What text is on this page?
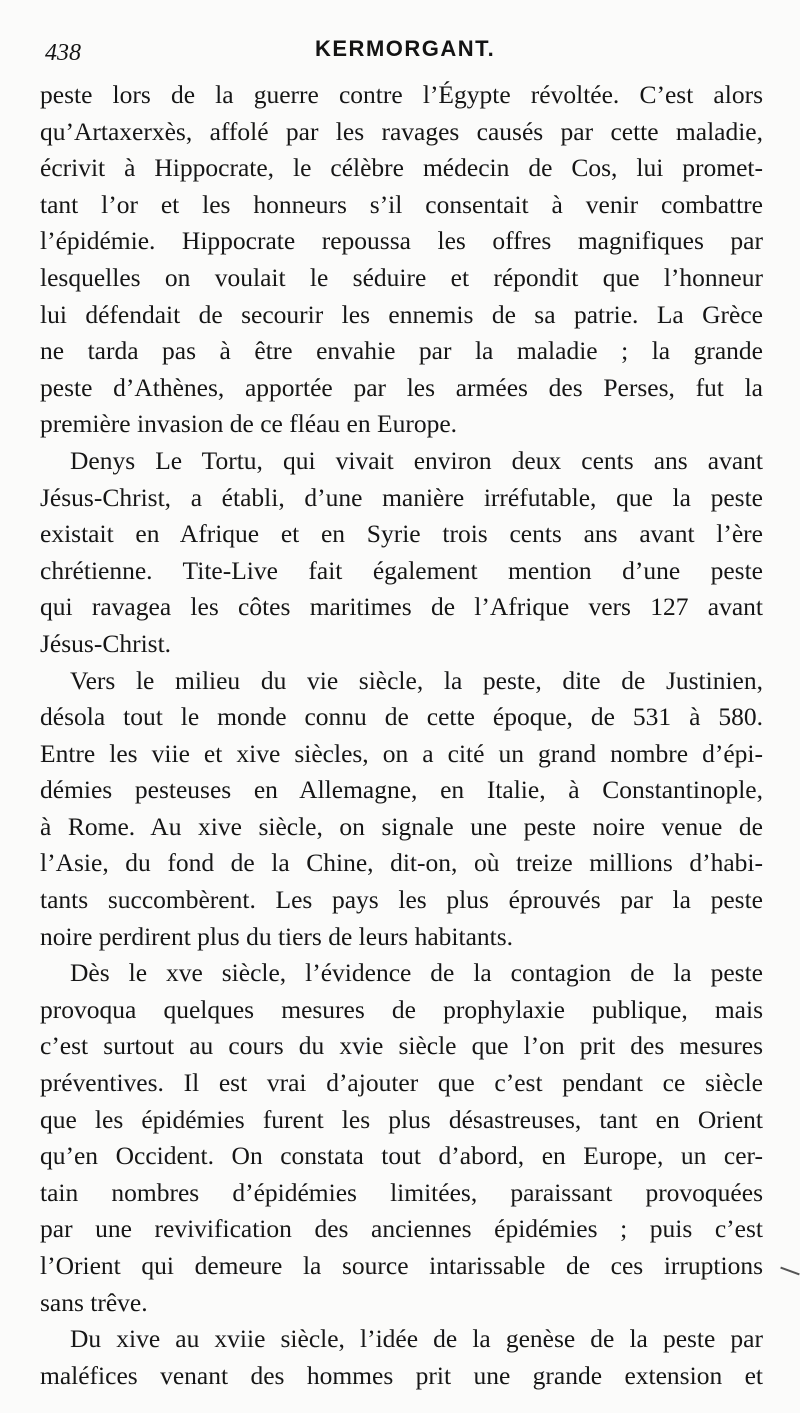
438	KERMORGANT.

peste lors de la guerre contre l’Égypte révoltée. C’est alors
qu’Artaxerxès, affolé par les ravages causés par cette maladie,
écrivit à Hippocrate, le célèbre médecin de Cos, lui promet-
tant l’or et les honneurs s’il consentait à venir combattre
l’épidémie. Hippocrate repoussa les offres magnifiques par
lesquelles on voulait le séduire et répondit que l’honneur
lui défendait de secourir les ennemis de sa patrie. La Grèce
ne tarda pas à être envahie par la maladie ; la grande
peste d’Athènes, apportée par les armées des Perses, fut la
première invasion de ce fléau en Europe.

Denys Le Tortu, qui vivait environ deux cents ans avant
Jésus-Christ, a établi, d’une manière irréfutable, que la peste
existait en Afrique et en Syrie trois cents ans avant l’ère
chrétienne. Tite-Live fait également mention d’une peste
qui ravagea les côtes maritimes de l’Afrique vers 127 avant
Jésus-Christ.

Vers le milieu du vie siècle, la peste, dite de Justinien,
désola tout le monde connu de cette époque, de 531 à 580.
Entre les viie et xive siècles, on a cité un grand nombre d’épi-
démies pesteuses en Allemagne, en Italie, à Constantinople,
à Rome. Au xive siècle, on signale une peste noire venue de
l’Asie, du fond de la Chine, dit-on, où treize millions d’habi-
tants succombèrent. Les pays les plus éprouvés par la peste
noire perdirent plus du tiers de leurs habitants.

Dès le xve siècle, l’évidence de la contagion de la peste
provoqua quelques mesures de prophylaxie publique, mais
c’est surtout au cours du xvie siècle que l’on prit des mesures
préventives. Il est vrai d’ajouter que c’est pendant ce siècle
que les épidémies furent les plus désastreuses, tant en Orient
qu’en Occident. On constata tout d’abord, en Europe, un cer-
tain nombres d’épidémies limitées, paraissant provoquées
par une revivification des anciennes épidémies ; puis c’est
l’Orient qui demeure la source intarissable de ces irruptions
sans trêve.

Du xive au xviie siècle, l’idée de la genèse de la peste par
maléfices venant des hommes prit une grande extension et
